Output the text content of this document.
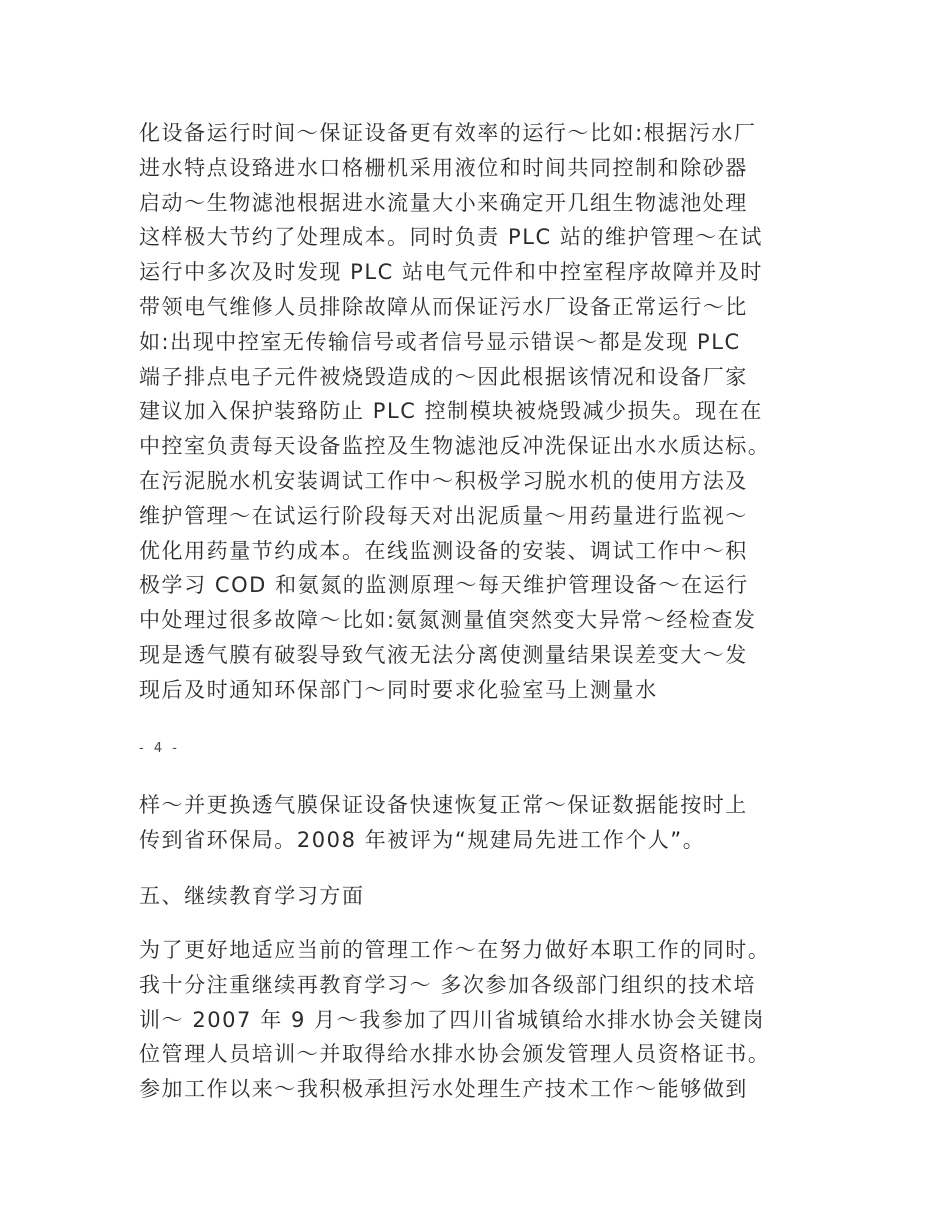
化设备运行时间～保证设备更有效率的运行～比如:根据污水厂
进水特点设臵进水口格栅机采用液位和时间共同控制和除砂器
启动～生物滤池根据进水流量大小来确定开几组生物滤池处理
这样极大节约了处理成本。同时负责 PLC 站的维护管理～在试
运行中多次及时发现 PLC 站电气元件和中控室程序故障并及时
带领电气维修人员排除故障从而保证污水厂设备正常运行～比
如:出现中控室无传输信号或者信号显示错误～都是发现 PLC
端子排点电子元件被烧毁造成的～因此根据该情况和设备厂家
建议加入保护装臵防止 PLC 控制模块被烧毁减少损失。现在在
中控室负责每天设备监控及生物滤池反冲洗保证出水水质达标。
在污泥脱水机安装调试工作中～积极学习脱水机的使用方法及
维护管理～在试运行阶段每天对出泥质量～用药量进行监视～
优化用药量节约成本。在线监测设备的安装、调试工作中～积
极学习 COD 和氨氮的监测原理～每天维护管理设备～在运行
中处理过很多故障～比如:氨氮测量值突然变大异常～经检查发
现是透气膜有破裂导致气液无法分离使测量结果误差变大～发
现后及时通知环保部门～同时要求化验室马上测量水
- 4 -
样～并更换透气膜保证设备快速恢复正常～保证数据能按时上
传到省环保局。2008 年被评为“规建局先进工作个人”。
五、继续教育学习方面
为了更好地适应当前的管理工作～在努力做好本职工作的同时。
我十分注重继续再教育学习～ 多次参加各级部门组织的技术培
训～ 2007 年 9 月～我参加了四川省城镇给水排水协会关键岗
位管理人员培训～并取得给水排水协会颁发管理人员资格证书。
参加工作以来～我积极承担污水处理生产技术工作～能够做到
